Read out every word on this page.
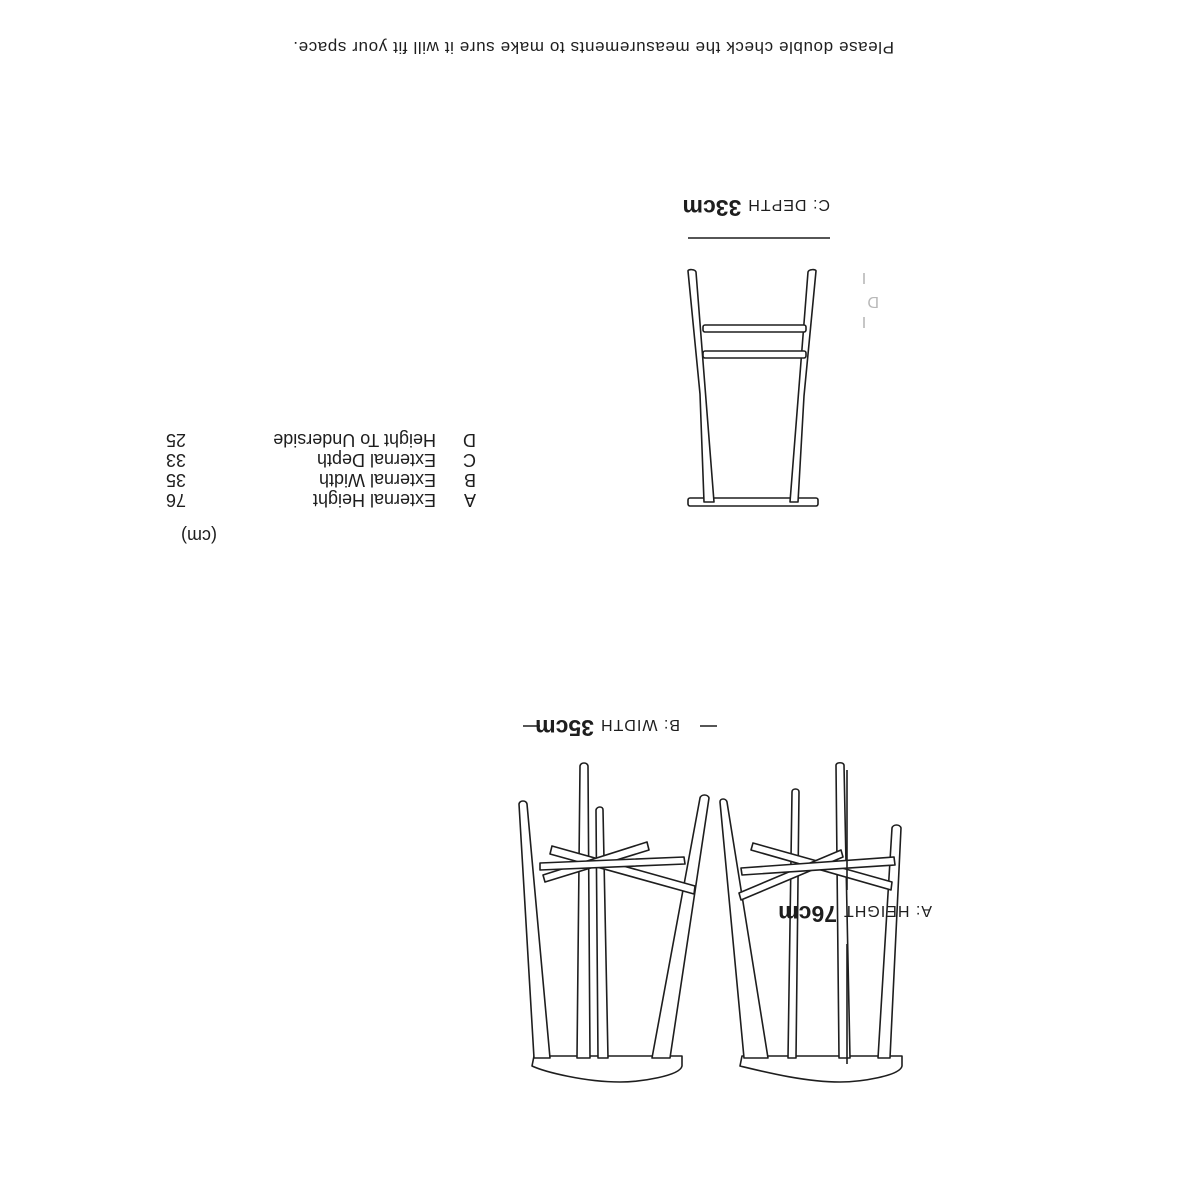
Please double check the measurements to make sure it will fit your space.
C: DEPTH33cm
B: WIDTH35cm
A: HEIGHT76cm
D
(cm)
A
External Height
76
B
External Width
35
C
External Depth
33
D
Height To Underside
25
